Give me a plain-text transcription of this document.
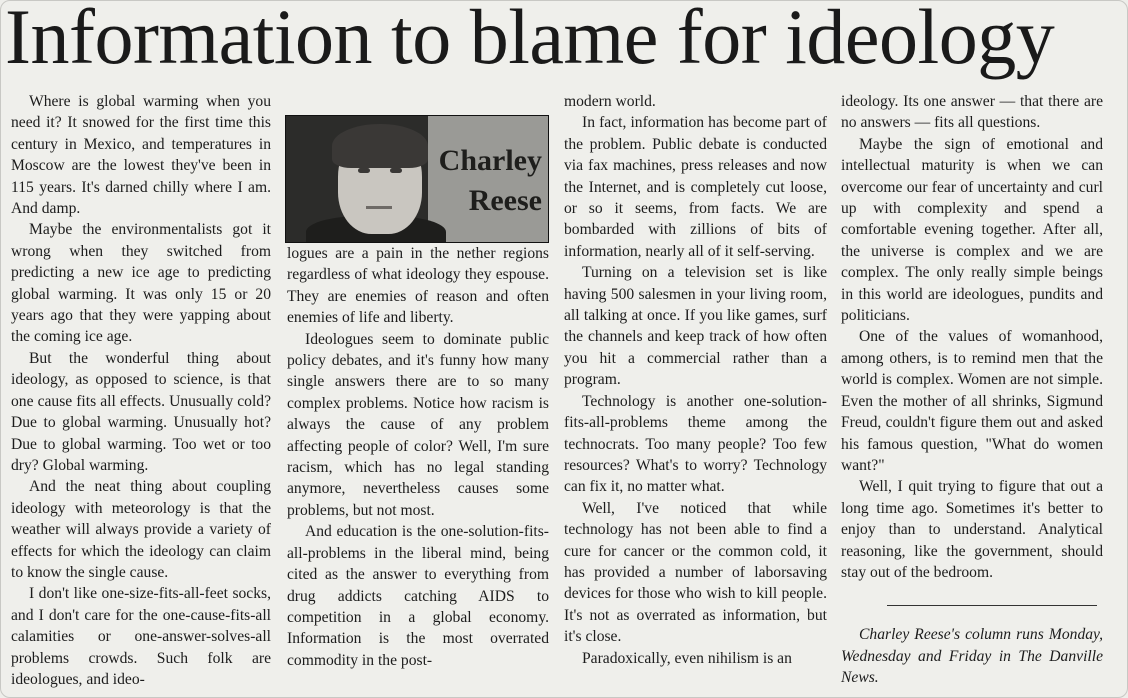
Information to blame for ideology
Charley
Reese

Where is global warming when you need it? It snowed for the first time this century in Mexico, and temperatures in Moscow are the lowest they've been in 115 years. It's darned chilly where I am. And damp.

Maybe the environmentalists got it wrong when they switched from predicting a new ice age to predicting global warming. It was only 15 or 20 years ago that they were yapping about the coming ice age.

But the wonderful thing about ideology, as opposed to science, is that one cause fits all effects. Unusually cold? Due to global warming. Unusually hot? Due to global warming. Too wet or too dry? Global warming.

And the neat thing about coupling ideology with meteorology is that the weather will always provide a variety of effects for which the ideology can claim to know the single cause.

I don't like one-size-fits-all-feet socks, and I don't care for the one-cause-fits-all calamities or one-answer-solves-all problems crowds. Such folk are ideologues, and ideo-

logues are a pain in the nether regions regardless of what ideology they espouse. They are enemies of reason and often enemies of life and liberty.

Ideologues seem to dominate public policy debates, and it's funny how many single answers there are to so many complex problems. Notice how racism is always the cause of any problem affecting people of color? Well, I'm sure racism, which has no legal standing anymore, nevertheless causes some problems, but not most.

And education is the one-solution-fits-all-problems in the liberal mind, being cited as the answer to everything from drug addicts catching AIDS to competition in a global economy. Information is the most overrated commodity in the post-

modern world.

In fact, information has become part of the problem. Public debate is conducted via fax machines, press releases and now the Internet, and is completely cut loose, or so it seems, from facts. We are bombarded with zillions of bits of information, nearly all of it self-serving.

Turning on a television set is like having 500 salesmen in your living room, all talking at once. If you like games, surf the channels and keep track of how often you hit a commercial rather than a program.

Technology is another one-solution-fits-all-problems theme among the technocrats. Too many people? Too few resources? What's to worry? Technology can fix it, no matter what.

Well, I've noticed that while technology has not been able to find a cure for cancer or the common cold, it has provided a number of laborsaving devices for those who wish to kill people. It's not as overrated as information, but it's close.

Paradoxically, even nihilism is an

ideology. Its one answer — that there are no answers — fits all questions.

Maybe the sign of emotional and intellectual maturity is when we can overcome our fear of uncertainty and curl up with complexity and spend a comfortable evening together. After all, the universe is complex and we are complex. The only really simple beings in this world are ideologues, pundits and politicians.

One of the values of womanhood, among others, is to remind men that the world is complex. Women are not simple. Even the mother of all shrinks, Sigmund Freud, couldn't figure them out and asked his famous question, "What do women want?"

Well, I quit trying to figure that out a long time ago. Sometimes it's better to enjoy than to understand. Analytical reasoning, like the government, should stay out of the bedroom.

Charley Reese's column runs Monday, Wednesday and Friday in The Danville News.
